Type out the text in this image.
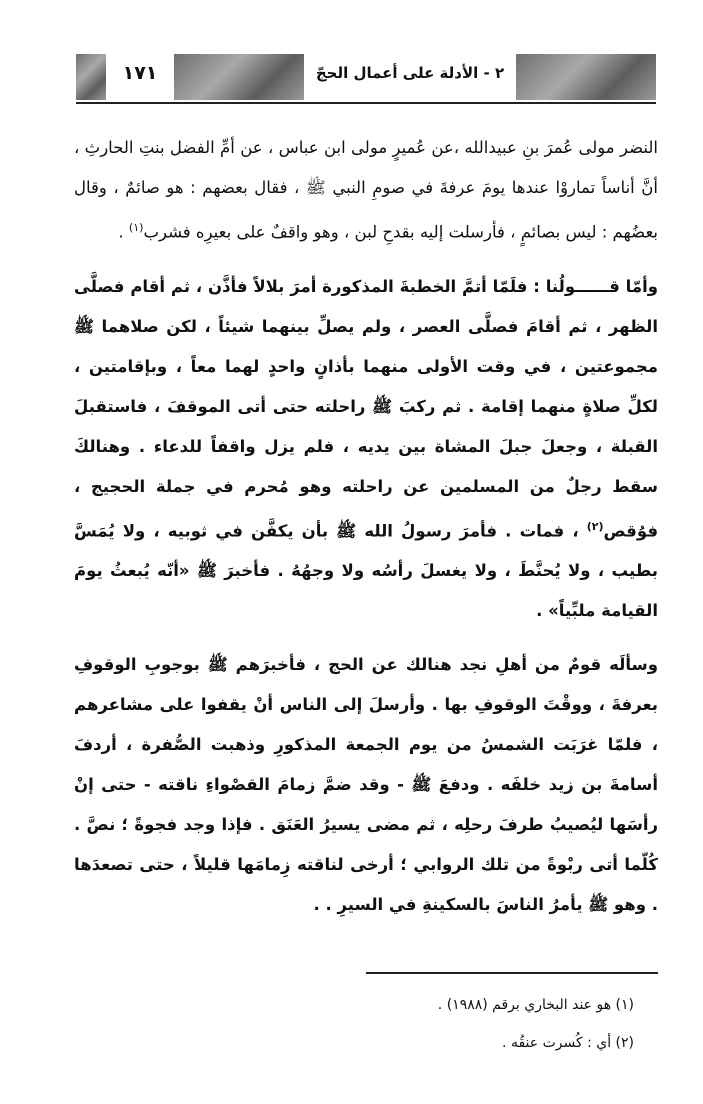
١٧١	٢ - الأدلة على أعمال الحجّ

النضر مولى عُمرَ بنِ عبيدالله ،عن عُميرٍ مولى ابن عباس ، عن أمِّ الفضل بنتِ الحارثِ ، أنَّ أناساً تماروْا عندها يومَ عرفةَ في صومِ النبي ﷺ ، فقال بعضهم : هو صائمٌ ، وقال بعضُهم : ليس بصائمٍ ، فأرسلت إليه بقدحِ لبن ، وهو واقفٌ على بعيرِه فشرب$^{(١)}$ .

وأمّا قــــــولُنا : فلَمّا أتمَّ الخطبةَ المذكورة أمرَ بلالاً فأذَّن ، ثم أقام فصلَّى الظهر ، ثم أقامَ فصلَّى العصر ، ولم يصلِّ بينهما شيئاً ، لكن صلاهما ﷺ مجموعتين ، في وقت الأولى منهما بأذانٍ واحدٍ لهما معاً ، وبإقامتين ، لكلِّ صلاةٍ منهما إقامة . ثم ركبَ ﷺ راحلته حتى أتى الموقفَ ، فاستقبلَ القبلة ، وجعلَ جبلَ المشاة بين يديه ، فلم يزل واقفاً للدعاء . وهنالكَ سقط رجلٌ من المسلمين عن راحلته وهو مُحرم في جملة الحجيج ، فوُقص$^{(٢)}$ ، فمات . فأمرَ رسولُ الله ﷺ بأن يكفَّن في ثوبيه ، ولا يُمَسَّ بطيب ، ولا يُحنَّطَ ، ولا يغسلَ رأسُه ولا وجهُهُ . فأخبرَ ﷺ «أنّه يُبعثُ يومَ القيامة ملبِّياً» .

وسألَه قومٌ من أهلِ نجد هنالك عن الحج ، فأخبرَهم ﷺ بوجوبِ الوقوفِ بعرفةَ ، ووقْتَ الوقوفِ بها . وأرسلَ إلى الناس أنْ يقفوا على مشاعرهم ، فلمّا غرَبَت الشمسُ من يوم الجمعة المذكورِ وذهبت الصُّفرة ، أردفَ أسامةَ بن زيد خلفَه . ودفعَ ﷺ - وقد ضمَّ زمامَ القصْواءِ ناقته - حتى إنْ رأسَها ليُصيبُ طرفَ رحلِه ، ثم مضى يسيرُ العَنَق . فإذا وجد فجوةً ؛ نصَّ . كُلّما أتى ربْوةً من تلك الروابي ؛ أرخى لناقته زِمامَها قليلاً ، حتى تصعدَها . وهو ﷺ يأمرُ الناسَ بالسكينةِ في السيرِ . .

(١) هو عند البخاري برقم (١٩٨٨) .
(٢) أي : كُسرت عنقُه .
